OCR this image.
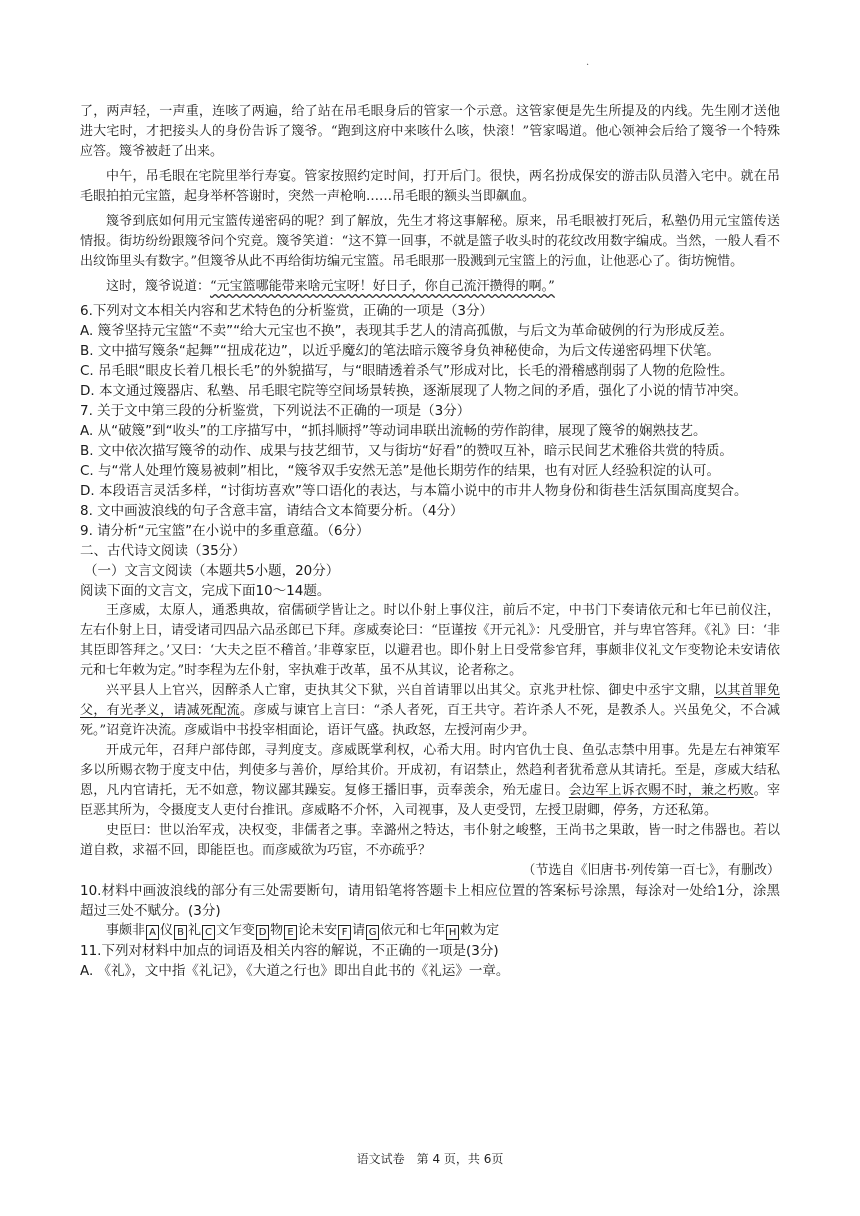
·

了，两声轻，一声重，连咳了两遍，给了站在吊毛眼身后的管家一个示意。这管家便是先生所提及的内线。先生刚才送他进大宅时，才把接头人的身份告诉了篾爷。“跑到这府中来咳什么咳，快滚！”管家喝道。他心领神会后给了篾爷一个特殊应答。篾爷被赶了出来。

中午，吊毛眼在宅院里举行寿宴。管家按照约定时间，打开后门。很快，两名扮成保安的游击队员潜入宅中。就在吊毛眼拍拍元宝篮，起身举杯答谢时，突然一声枪响……吊毛眼的额头当即飙血。

篾爷到底如何用元宝篮传递密码的呢？到了解放，先生才将这事解秘。原来，吊毛眼被打死后，私塾仍用元宝篮传送情报。街坊纷纷跟篾爷问个究竟。篾爷笑道：“这不算一回事，不就是篮子收头时的花纹改用数字编成。当然，一般人看不出纹饰里头有数字。”但篾爷从此不再给街坊编元宝篮。吊毛眼那一股溅到元宝篮上的污血，让他恶心了。街坊惋惜。

这时，篾爷说道：“元宝篮哪能带来啥元宝呀！好日子，你自己流汗攒得的啊。”

6.下列对文本相关内容和艺术特色的分析鉴赏，正确的一项是（3分）

A. 篾爷坚持元宝篮“不卖”“给大元宝也不换”，表现其手艺人的清高孤傲，与后文为革命破例的行为形成反差。

B. 文中描写篾条“起舞”“扭成花边”，以近乎魔幻的笔法暗示篾爷身负神秘使命，为后文传递密码埋下伏笔。

C. 吊毛眼“眼皮长着几根长毛”的外貌描写，与“眼睛透着杀气”形成对比，长毛的滑稽感削弱了人物的危险性。

D. 本文通过篾器店、私塾、吊毛眼宅院等空间场景转换，逐渐展现了人物之间的矛盾，强化了小说的情节冲突。

7. 关于文中第三段的分析鉴赏，下列说法不正确的一项是（3分）

A. 从“破篾”到“收头”的工序描写中，“抓抖顺捋”等动词串联出流畅的劳作韵律，展现了篾爷的娴熟技艺。

B. 文中依次描写篾爷的动作、成果与技艺细节，又与街坊“好看”的赞叹互补，暗示民间艺术雅俗共赏的特质。

C. 与“常人处理竹篾易被刺”相比，“篾爷双手安然无恙”是他长期劳作的结果，也有对匠人经验积淀的认可。

D. 本段语言灵活多样，“讨街坊喜欢”等口语化的表达，与本篇小说中的市井人物身份和街巷生活氛围高度契合。

8. 文中画波浪线的句子含意丰富，请结合文本简要分析。（4分）

9. 请分析“元宝篮”在小说中的多重意蕴。（6分）

二、古代诗文阅读（35分）

（一）文言文阅读（本题共5小题，20分）

阅读下面的文言文，完成下面10～14题。

王彦威，太原人，通悉典故，宿儒硕学皆让之。时以仆射上事仪注，前后不定，中书门下奏请依元和七年已前仪注，左右仆射上日，请受诸司四品六品丞郎已下拜。彦威奏论曰：“臣谨按《开元礼》：凡受册官，并与卑官答拜。《礼》曰：‘非其臣即答拜之。’又曰：‘大夫之臣不稽首。’非尊家臣，以避君也。即仆射上日受常参官拜，事颇非仪礼文乍变物论未安请依元和七年敕为定。”时李程为左仆射，宰执难于改革，虽不从其议，论者称之。

兴平县人上官兴，因醉杀人亡窜，吏执其父下狱，兴自首请罪以出其父。京兆尹杜悰、御史中丞宇文鼎，以其首罪免父，有光孝义，请减死配流。彦威与谏官上言曰：“杀人者死，百王共守。若许杀人不死，是教杀人。兴虽免父，不合减死。”诏竟许决流。彦威诣中书投宰相面论，语讦气盛。执政怒，左授河南少尹。

开成元年，召拜户部侍郎，寻判度支。彦威既掌利权，心希大用。时内官仇士良、鱼弘志禁中用事。先是左右神策军多以所赐衣物于度支中估，判使多与善价，厚给其价。开成初，有诏禁止，然趋利者犹希意从其请托。至是，彦威大结私恩，凡内官请托，无不如意，物议鄙其躁妄。复修王播旧事，贡奉羡余，殆无虚日。会边军上诉衣赐不时，兼之朽败。宰臣恶其所为，令摄度支人吏付台推讯。彦威略不介怀，入司视事，及人吏受罚，左授卫尉卿，停务，方还私第。

史臣曰：世以治军戎，决权变，非儒者之事。幸潞州之特达，韦仆射之峻整，王尚书之果敢，皆一时之伟器也。若以道自救，求福不回，即能臣也。而彦威欲为巧宦，不亦疏乎？

（节选自《旧唐书·列传第一百七》，有删改）

10.材料中画波浪线的部分有三处需要断句，请用铅笔将答题卡上相应位置的答案标号涂黑，每涂对一处给1分，涂黑超过三处不赋分。(3分)

事颇非 A 仪 B 礼 C 文乍变 D 物 E 论未安 F 请 G 依元和七年 H 敕为定

11.下列对材料中加点的词语及相关内容的解说，不正确的一项是(3分)

A. 《礼》，文中指《礼记》，《大道之行也》即出自此书的《礼运》一章。

语文试卷　第 4 页，共 6页
